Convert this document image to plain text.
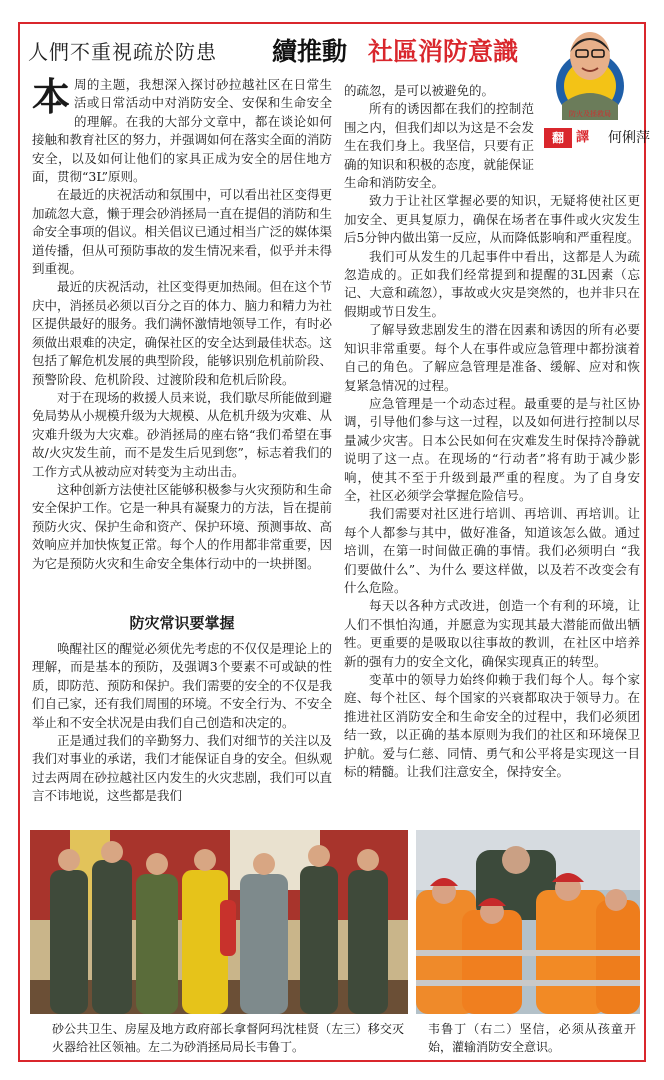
人們不重視疏於防患 續推動 社區消防意識
防火及拯救局
翻 譯	何俐萍

本 周的主题，我想深入探讨砂拉越社区在日常生活或日常活动中对消防安全、安保和生命安全的理解。在我的大部分文章中，都在谈论如何接触和教育社区的努力，并强调如何在落实全面的消防安全，以及如何让他们的家具正成为安全的居住地方面，贯彻“3L”原则。

在最近的庆祝活动和氛围中，可以看出社区变得更加疏忽大意，懒于理会砂消拯局一直在提倡的消防和生命安全事项的倡议。相关倡议已通过相当广泛的媒体渠道传播，但从可预防事故的发生情况来看，似乎并未得到重视。

最近的庆祝活动，社区变得更加热闹。但在这个节庆中，消拯员必须以百分之百的体力、脑力和精力为社区提供最好的服务。我们满怀激情地领导工作，有时必须做出艰难的决定，确保社区的安全达到最佳状态。这包括了解危机发展的典型阶段，能够识别危机前阶段、预警阶段、危机阶段、过渡阶段和危机后阶段。

对于在现场的救援人员来说，我们歇尽所能做到避免局势从小规模升级为大规模、从危机升级为灾难、从灾难升级为大灾难。砂消拯局的座右铬“我们希望在事故/火灾发生前，而不是发生后见到您”，标志着我们的工作方式从被动应对转变为主动出击。

这种创新方法使社区能够积极参与火灾预防和生命安全保护工作。它是一种具有凝聚力的方法，旨在提前预防火灾、保护生命和资产、保护环境、预测事故、高效响应并加快恢复正常。每个人的作用都非常重要，因为它是预防火灾和生命安全集体行动中的一块拼图。

防灾常识要掌握

唤醒社区的醒觉必须优先考虑的不仅仅是理论上的理解，而是基本的预防，及强调3个要素不可或缺的性质，即防范、预防和保护。我们需要的安全的不仅是我们自己家，还有我们周围的环境。不安全行为、不安全举止和不安全状况是由我们自己创造和决定的。

正是通过我们的辛勤努力、我们对细节的关注以及我们对事业的承诺，我们才能保证自身的安全。但纵观过去两周在砂拉越社区内发生的火灾悲剧，我们可以直言不讳地说，这些都是我们

的疏忽，是可以被避免的。

所有的诱因都在我们的控制范围之内，但我们却以为这是不会发生在我们身上。我坚信，只要有正确的知识和积极的态度，就能保证生命和消防安全。

致力于让社区掌握必要的知识，无疑将使社区更加安全、更具复原力，确保在场者在事件或火灾发生后5分钟内做出第一反应，从而降低影响和严重程度。

我们可从发生的几起事件中看出，这都是人为疏忽造成的。正如我们经常提到和提醒的3L因素（忘记、大意和疏忽），事故或火灾是突然的，也并非只在假期或节日发生。

了解导致悲剧发生的潜在因素和诱因的所有必要知识非常重要。每个人在事件或应急管理中都扮演着自己的角色。了解应急管理是准备、缓解、应对和恢复紧急情况的过程。

应急管理是一个动态过程。最重要的是与社区协调，引导他们参与这一过程，以及如何进行控制以尽量减少灾害。日本公民如何在灾难发生时保持冷静就说明了这一点。在现场的“行动者”将有助于减少影响，使其不至于升级到最严重的程度。为了自身安全，社区必须学会掌握危险信号。

我们需要对社区进行培训、再培训、再培训。让每个人都参与其中，做好准备，知道该怎么做。通过培训，在第一时间做正确的事情。我们必须明白 “我们要做什么”、为什么 要这样做，以及若不改变会有什么危险。

每天以各种方式改进，创造一个有利的环境，让人们不惧怕沟通，并愿意为实现其最大潜能而做出牺牲。更重要的是吸取以往事故的教训，在社区中培养新的强有力的安全文化，确保实现真正的转型。

变革中的领导力始终仰赖于我们每个人。每个家庭、每个社区、每个国家的兴衰都取决于领导力。在推进社区消防安全和生命安全的过程中，我们必须团结一致，以正确的基本原则为我们的社区和环境保卫护航。爱与仁慈、同情、勇气和公平将是实现这一目标的精髓。让我们注意安全，保持安全。

砂公共卫生、房屋及地方政府部长拿督阿玛沈桂贤（左三）移交灭火器给社区领袖。左二为砂消拯局局长韦鲁丁。
韦鲁丁（右二）坚信，必须从孩童开始，灌输消防安全意识。
